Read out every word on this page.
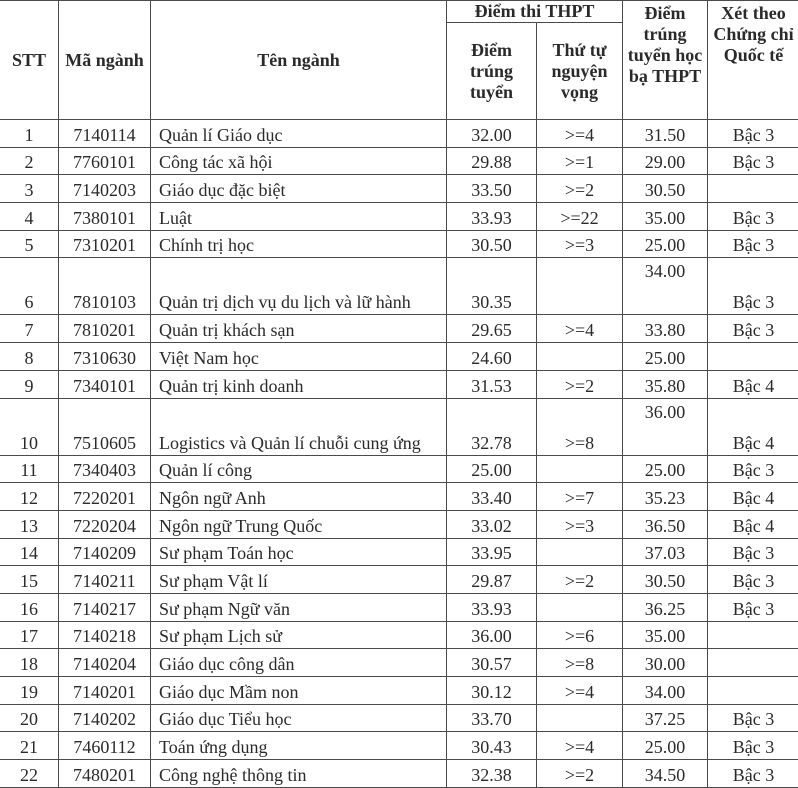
STT	Mã ngành	Tên ngành	Điểm thi THPT		Điểm trúng tuyển học bạ THPT	Xét theo Chứng chỉ Quốc tế
			Điểm trúng tuyển	Thứ tự nguyện vọng		
1	7140114	Quản lí Giáo dục	32.00	>=4	31.50	Bậc 3
2	7760101	Công tác xã hội	29.88	>=1	29.00	Bậc 3
3	7140203	Giáo dục đặc biệt	33.50	>=2	30.50	
4	7380101	Luật	33.93	>=22	35.00	Bậc 3
5	7310201	Chính trị học	30.50	>=3	25.00	Bậc 3
6	7810103	Quản trị dịch vụ du lịch và lữ hành	30.35		34.00	Bậc 3
7	7810201	Quản trị khách sạn	29.65	>=4	33.80	Bậc 3
8	7310630	Việt Nam học	24.60		25.00	
9	7340101	Quản trị kinh doanh	31.53	>=2	35.80	Bậc 4
10	7510605	Logistics và Quản lí chuỗi cung ứng	32.78	>=8	36.00	Bậc 4
11	7340403	Quản lí công	25.00		25.00	Bậc 3
12	7220201	Ngôn ngữ Anh	33.40	>=7	35.23	Bậc 4
13	7220204	Ngôn ngữ Trung Quốc	33.02	>=3	36.50	Bậc 4
14	7140209	Sư phạm Toán học	33.95		37.03	Bậc 3
15	7140211	Sư phạm Vật lí	29.87	>=2	30.50	Bậc 3
16	7140217	Sư phạm Ngữ văn	33.93		36.25	Bậc 3
17	7140218	Sư phạm Lịch sử	36.00	>=6	35.00	
18	7140204	Giáo dục công dân	30.57	>=8	30.00	
19	7140201	Giáo dục Mầm non	30.12	>=4	34.00	
20	7140202	Giáo dục Tiểu học	33.70		37.25	Bậc 3
21	7460112	Toán ứng dụng	30.43	>=4	25.00	Bậc 3
22	7480201	Công nghệ thông tin	32.38	>=2	34.50	Bậc 3
